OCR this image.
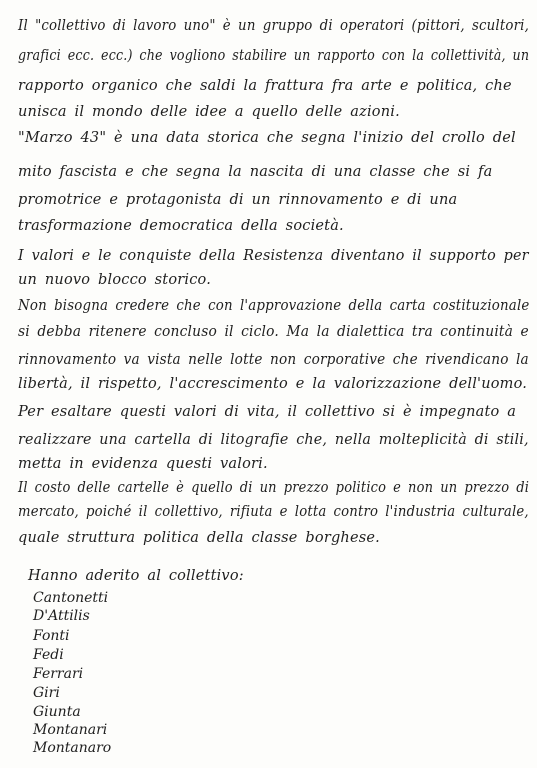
Il "collettivo di lavoro uno" è un gruppo di operatori (pittori, scultori,

grafici ecc. ecc.) che vogliono stabilire un rapporto con la collettività, un

rapporto organico che saldi la frattura fra arte e politica, che

unisca il mondo delle idee a quello delle azioni.

"Marzo 43" è una data storica che segna l'inizio del crollo del

mito fascista e che segna la nascita di una classe che si fa

promotrice e protagonista di un rinnovamento e di una

trasformazione democratica della società.

I valori e le conquiste della Resistenza diventano il supporto per

un nuovo blocco storico.

Non bisogna credere che con l'approvazione della carta costituzionale

si debba ritenere concluso il ciclo. Ma la dialettica tra continuità e

rinnovamento va vista nelle lotte non corporative che rivendicano la

libertà, il rispetto, l'accrescimento e la valorizzazione dell'uomo.

Per esaltare questi valori di vita, il collettivo si è impegnato a

realizzare una cartella di litografie che, nella molteplicità di stili,

metta in evidenza questi valori.

Il costo delle cartelle è quello di un prezzo politico e non un prezzo di

mercato, poiché il collettivo, rifiuta e lotta contro l'industria culturale,

quale struttura politica della classe borghese.

Hanno aderito al collettivo:

Cantonetti
D'Attilis
Fonti
Fedi
Ferrari
Giri
Giunta
Montanari
Montanaro
